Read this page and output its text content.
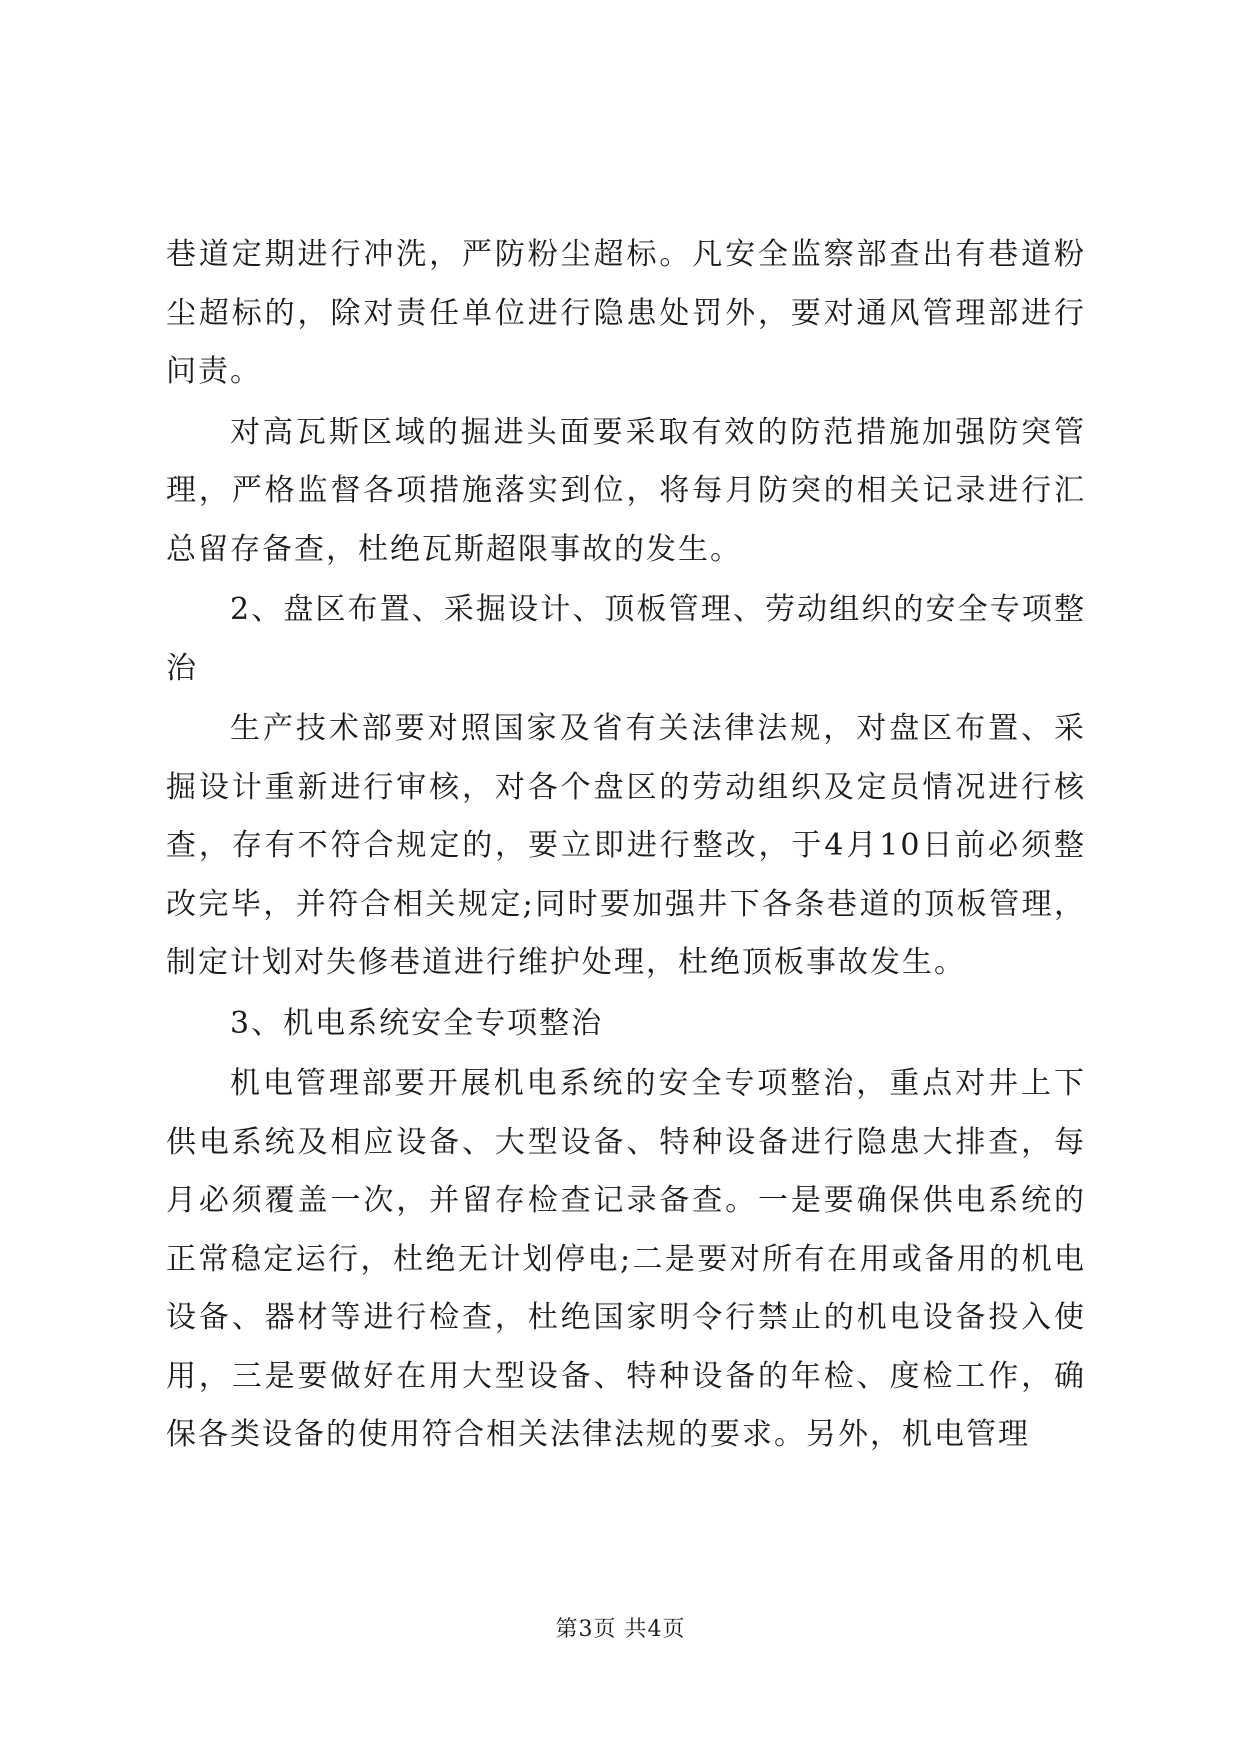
巷道定期进行冲洗，严防粉尘超标。凡安全监察部查出有巷道粉尘超标的，除对责任单位进行隐患处罚外，要对通风管理部进行问责。

对高瓦斯区域的掘进头面要采取有效的防范措施加强防突管理，严格监督各项措施落实到位，将每月防突的相关记录进行汇总留存备查，杜绝瓦斯超限事故的发生。

2、盘区布置、采掘设计、顶板管理、劳动组织的安全专项整治

生产技术部要对照国家及省有关法律法规，对盘区布置、采掘设计重新进行审核，对各个盘区的劳动组织及定员情况进行核查，存有不符合规定的，要立即进行整改，于4月10日前必须整改完毕，并符合相关规定;同时要加强井下各条巷道的顶板管理，制定计划对失修巷道进行维护处理，杜绝顶板事故发生。

3、机电系统安全专项整治

机电管理部要开展机电系统的安全专项整治，重点对井上下供电系统及相应设备、大型设备、特种设备进行隐患大排查，每月必须覆盖一次，并留存检查记录备查。一是要确保供电系统的正常稳定运行，杜绝无计划停电;二是要对所有在用或备用的机电设备、器材等进行检查，杜绝国家明令行禁止的机电设备投入使用，三是要做好在用大型设备、特种设备的年检、度检工作，确保各类设备的使用符合相关法律法规的要求。另外，机电管理

第3页 共4页
